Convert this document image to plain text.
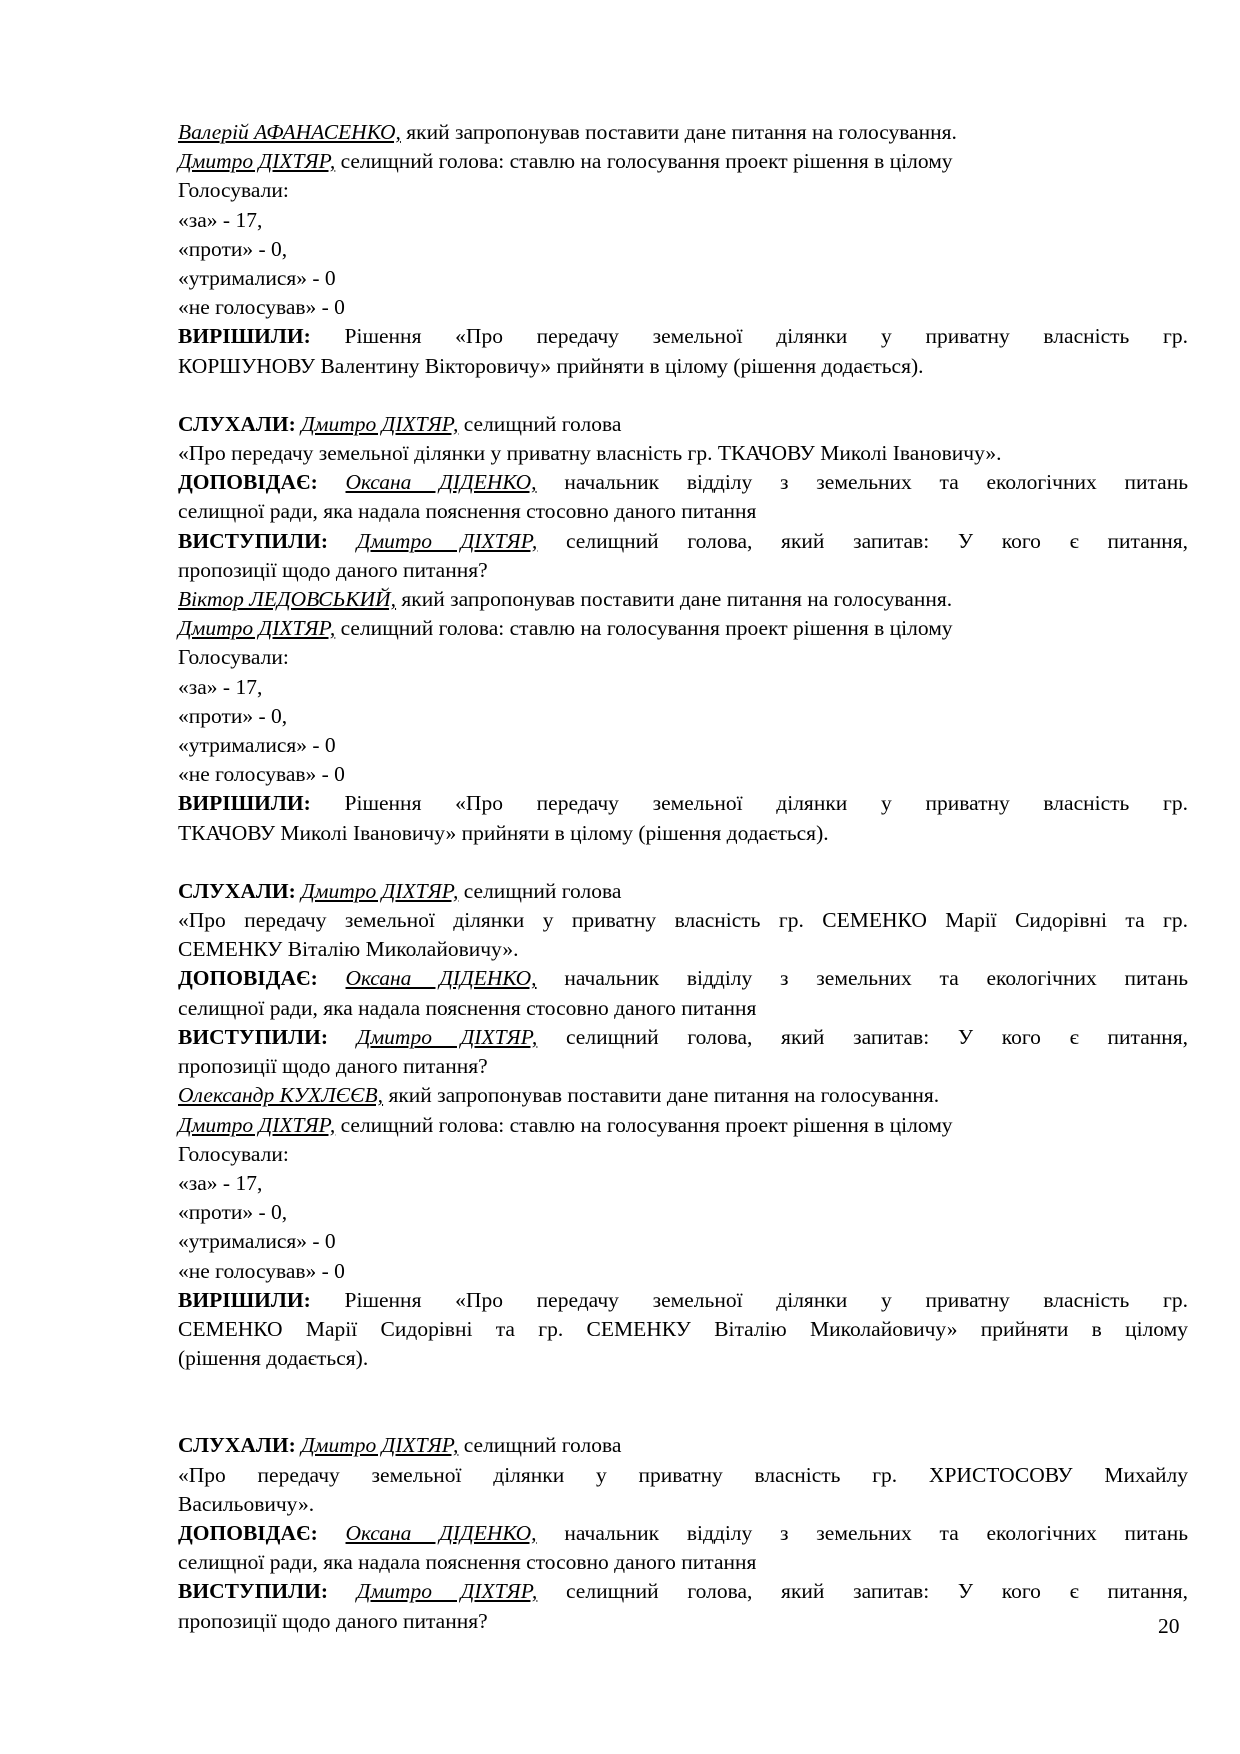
Валерій АФАНАСЕНКО, який запропонував поставити дане питання на голосування.
Дмитро ДІХТЯР, селищний голова: ставлю на голосування проект рішення в цілому
Голосували:
«за» - 17,
«проти» - 0,
«утрималися» - 0
«не голосував» - 0
ВИРІШИЛИ: Рішення «Про передачу земельної ділянки у приватну власність гр.
КОРШУНОВУ Валентину Вікторовичу» прийняти в цілому (рішення додається).
СЛУХАЛИ: Дмитро ДІХТЯР, селищний голова
«Про передачу земельної ділянки у приватну власність гр. ТКАЧОВУ Миколі Івановичу».
ДОПОВІДАЄ: Оксана ДІДЕНКО, начальник відділу з земельних та екологічних питань
селищної ради, яка надала пояснення стосовно даного питання
ВИСТУПИЛИ: Дмитро ДІХТЯР, селищний голова, який запитав: У кого є питання,
пропозиції щодо даного питання?
Віктор ЛЕДОВСЬКИЙ, який запропонував поставити дане питання на голосування.
Дмитро ДІХТЯР, селищний голова: ставлю на голосування проект рішення в цілому
Голосували:
«за» - 17,
«проти» - 0,
«утрималися» - 0
«не голосував» - 0
ВИРІШИЛИ: Рішення «Про передачу земельної ділянки у приватну власність гр.
ТКАЧОВУ Миколі Івановичу» прийняти в цілому (рішення додається).
СЛУХАЛИ: Дмитро ДІХТЯР, селищний голова
«Про передачу земельної ділянки у приватну власність гр. СЕМЕНКО Марії Сидорівні та гр.
СЕМЕНКУ Віталію Миколайовичу».
ДОПОВІДАЄ: Оксана ДІДЕНКО, начальник відділу з земельних та екологічних питань
селищної ради, яка надала пояснення стосовно даного питання
ВИСТУПИЛИ: Дмитро ДІХТЯР, селищний голова, який запитав: У кого є питання,
пропозиції щодо даного питання?
Олександр КУХЛЄЄВ, який запропонував поставити дане питання на голосування.
Дмитро ДІХТЯР, селищний голова: ставлю на голосування проект рішення в цілому
Голосували:
«за» - 17,
«проти» - 0,
«утрималися» - 0
«не голосував» - 0
ВИРІШИЛИ: Рішення «Про передачу земельної ділянки у приватну власність гр.
СЕМЕНКО Марії Сидорівні та гр. СЕМЕНКУ Віталію Миколайовичу» прийняти в цілому
(рішення додається).
СЛУХАЛИ: Дмитро ДІХТЯР, селищний голова
«Про передачу земельної ділянки у приватну власність гр. ХРИСТОСОВУ Михайлу
Васильовичу».
ДОПОВІДАЄ: Оксана ДІДЕНКО, начальник відділу з земельних та екологічних питань
селищної ради, яка надала пояснення стосовно даного питання
ВИСТУПИЛИ: Дмитро ДІХТЯР, селищний голова, який запитав: У кого є питання,
пропозиції щодо даного питання?	20
